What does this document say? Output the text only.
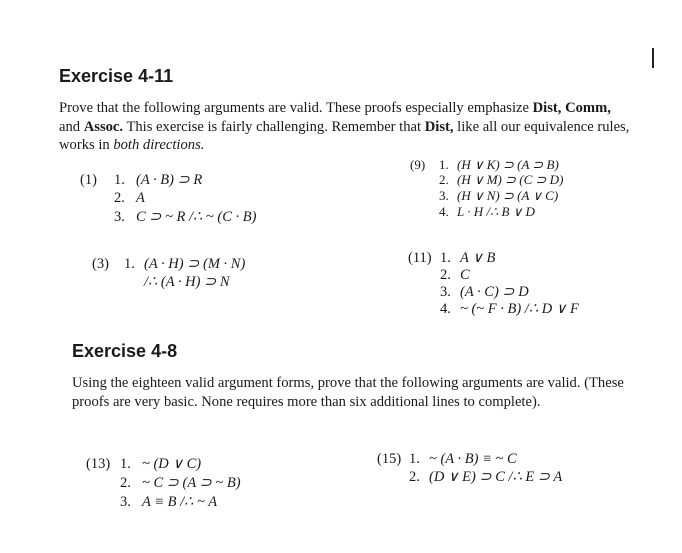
Exercise 4-11
Prove that the following arguments are valid. These proofs especially emphasize Dist, Comm, and Assoc. This exercise is fairly challenging. Remember that Dist, like all our equivalence rules, works in both directions.
(1) 1. (A · B) ⊃ R
2. A
3. C ⊃ ~ R /∴ ~ (C · B)
(9) 1. (H ∨ K) ⊃ (A ⊃ B)
2. (H ∨ M) ⊃ (C ⊃ D)
3. (H ∨ N) ⊃ (A ∨ C)
4. L · H /∴ B ∨ D
(3) 1. (A · H) ⊃ (M · N)
/∴ (A · H) ⊃ N
(11) 1. A ∨ B
2. C
3. (A · C) ⊃ D
4. ~ (~ F · B) /∴ D ∨ F
Exercise 4-8
Using the eighteen valid argument forms, prove that the following arguments are valid. (These proofs are very basic. None requires more than six additional lines to complete).
(13) 1. ~ (D ∨ C)
2. ~ C ⊃ (A ⊃ ~ B)
3. A ≡ B /∴ ~ A
(15) 1. ~ (A · B) ≡ ~ C
2. (D ∨ E) ⊃ C /∴ E ⊃ A
